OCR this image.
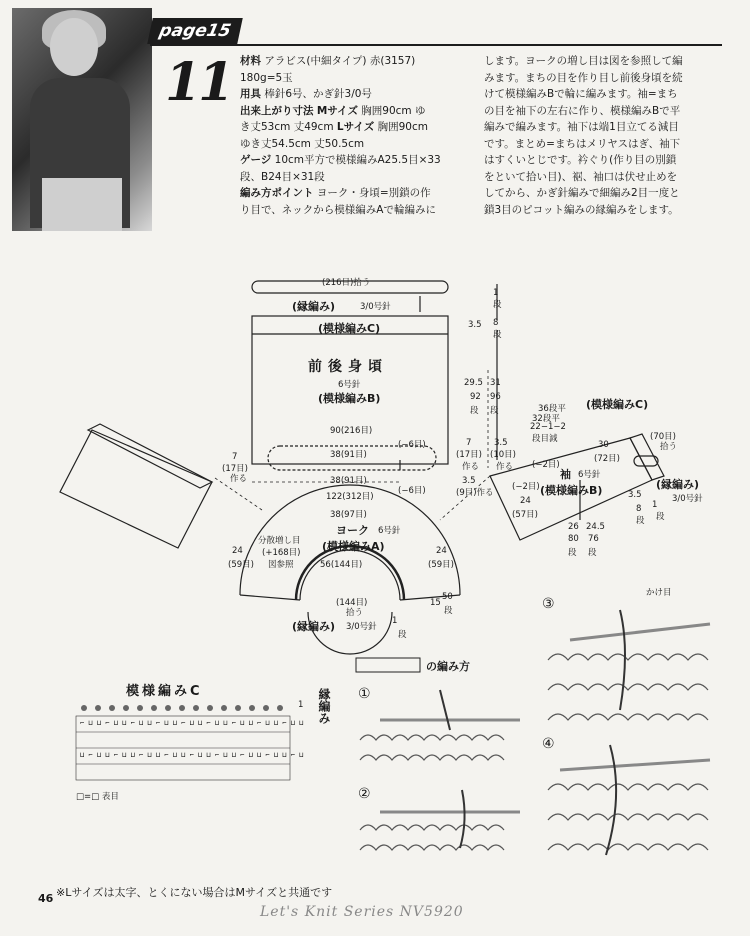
page15
11 材料 アラビス(中細タイプ) 赤(3157)
180g=5玉
用具 棒針6号、かぎ針3/0号
出来上がり寸法 Mサイズ 胸囲90cm ゆ
き丈53cm 丈49cm Lサイズ 胸囲90cm
ゆき丈54.5cm 丈50.5cm
ゲージ 10cm平方で模様編みA25.5目×33
段、B24目×31段
編み方ポイント ヨーク・身頃=別鎖の作
り目で、ネックから模様編みAで輪編みに
します。ヨークの増し目は図を参照して編
みます。まちの目を作り目し前後身頃を続
けて模様編みBで輪に編みます。袖=まち
の目を袖下の左右に作り、模様編みBで平
編みで編みます。袖下は端1目立てる減目
です。まとめ=まちはメリヤスはぎ、袖下
はすくいとじです。衿ぐり(作り目の別鎖
をといて拾い目)、裾、袖口は伏せ止めを
してから、かぎ針編みで細編み2目一度と
鎖3目のピコット編みの縁編みをします。
(216目)拾う
(縁編み)	3/0号針
(模様編みC)
前後身頃
6号針
(模様編みB)
90(216目)
38(91目)
(−6目)
38(91目)
(−6目)
122(312目)
38(97目)
ヨーク 6号針
(模様編みA)
分散増し目
(+168目)
図参照	56(144目)
24
(59目)
24
(59目)
(144目)
拾う
(縁編み) 3/0号針
1
段
15
50
段
1
段
8
段
3.5
29.5 31
92 96
段 段
7
(17目)
作る
7
(17目)
作る
3.5
(10目)
作る
3.5
(9目)作る
36段平
32段平
22−1−2
段目減
(模様編みC)
(70目)
拾う
30
(72目)
(−2目)
袖 6号針
(模様編みB)
(−2目)
24
(57目)
26 24.5
80 76
段 段
(縁編み)
3/0号針
3.5
8
段
1
段
模様編みC	縁編み
1
⌐ ⊔ ⊔ ⌐ ⊔ ⊔ ⌐ ⊔ ⊔ ⌐ ⊔ ⊔ ⌐ ⊔ ⊔ ⌐ ⊔ ⊔ ⌐ ⊔ ⊔ ⌐ ⊔ ⊔ ⌐ ⊔ ⊔
⊔ ⌐ ⊔ ⊔ ⌐ ⊔ ⊔ ⌐ ⊔ ⊔ ⌐ ⊔ ⊔ ⌐ ⊔ ⊔ ⌐ ⊔ ⊔ ⌐ ⊔ ⊔ ⌐ ⊔ ⊔ ⌐ ⊔
□=□ 表目
の編み方
①
②
③
④
かけ目
46 ※Lサイズは太字、とくにない場合はMサイズと共通です
Let's Knit Series NV5920
